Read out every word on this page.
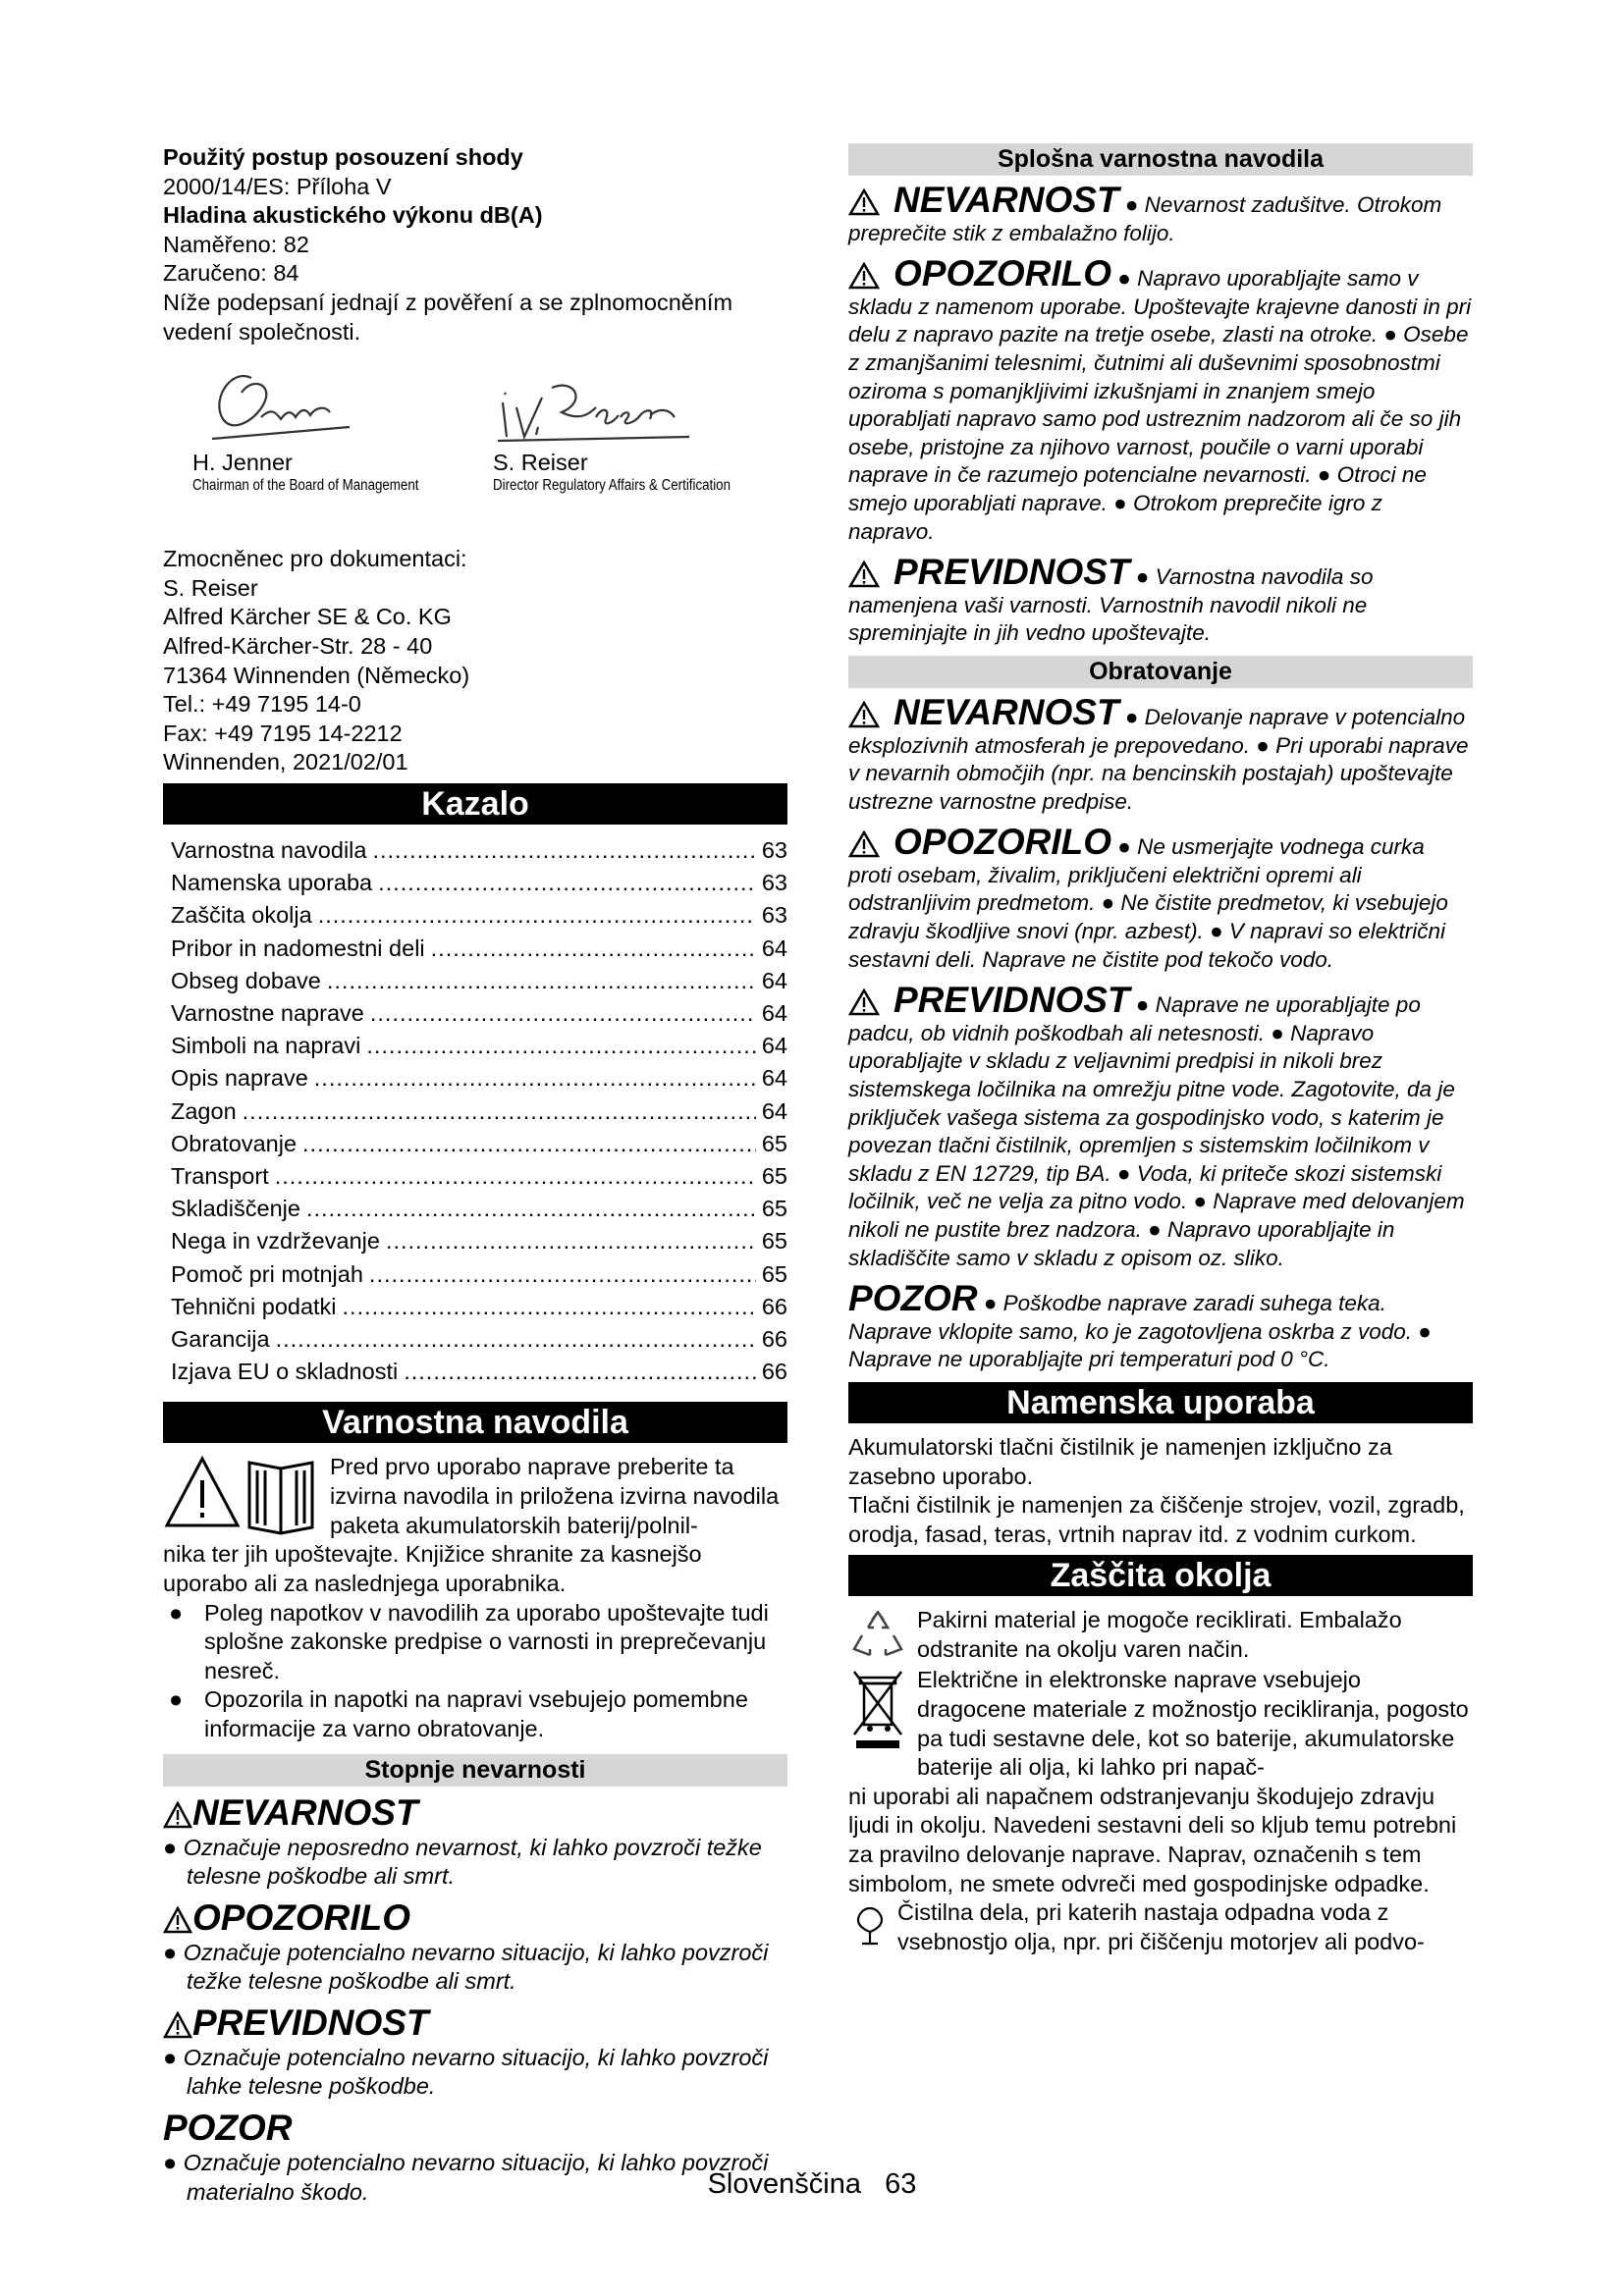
Použitý postup posouzení shody

2000/14/ES: Příloha V

Hladina akustického výkonu dB(A)

Naměřeno: 82

Zaručeno: 84

Níže podepsaní jednají z pověření a se zplnomocněním vedení společnosti.

H. Jenner
Chairman of the Board of Management
S. Reiser
Director Regulatory Affairs & Certification

Zmocněnec pro dokumentaci:

S. Reiser

Alfred Kärcher SE & Co. KG

Alfred-Kärcher-Str. 28 - 40

71364 Winnenden (Německo)

Tel.: +49 7195 14-0

Fax: +49 7195 14-2212

Winnenden, 2021/02/01

Kazalo
Varnostna navodila .....	63
Namenska uporaba .....	63
Zaščita okolja .....	63
Pribor in nadomestni deli .....	64
Obseg dobave .....	64
Varnostne naprave .....	64
Simboli na napravi .....	64
Opis naprave .....	64
Zagon .....	64
Obratovanje .....	65
Transport .....	65
Skladiščenje .....	65
Nega in vzdrževanje .....	65
Pomoč pri motnjah .....	65
Tehnični podatki .....	66
Garancija .....	66
Izjava EU o skladnosti .....	66
Varnostna navodila

Pred prvo uporabo naprave preberite ta izvirna navodila in priložena izvirna navodila paketa akumulatorskih baterij/polnil-

nika ter jih upoštevajte. Knjižice shranite za kasnejšo uporabo ali za naslednjega uporabnika.

● Poleg napotkov v navodilih za uporabo upoštevajte tudi splošne zakonske predpise o varnosti in preprečevanju nesreč.
● Opozorila in napotki na napravi vsebujejo pomembne informacije za varno obratovanje.
Stopnje nevarnosti
NEVARNOST
● Označuje neposredno nevarnost, ki lahko povzroči težke telesne poškodbe ali smrt.
OPOZORILO
● Označuje potencialno nevarno situacijo, ki lahko povzroči težke telesne poškodbe ali smrt.
PREVIDNOST
● Označuje potencialno nevarno situacijo, ki lahko povzroči lahke telesne poškodbe.
POZOR
● Označuje potencialno nevarno situacijo, ki lahko povzroči materialno škodo.
Splošna varnostna navodila
NEVARNOST ● Nevarnost zadušitve. Otrokom preprečite stik z embalažno folijo.
OPOZORILO ● Napravo uporabljajte samo v skladu z namenom uporabe. Upoštevajte krajevne danosti in pri delu z napravo pazite na tretje osebe, zlasti na otroke. ● Osebe z zmanjšanimi telesnimi, čutnimi ali duševnimi sposobnostmi oziroma s pomanjkljivimi izkušnjami in znanjem smejo uporabljati napravo samo pod ustreznim nadzorom ali če so jih osebe, pristojne za njihovo varnost, poučile o varni uporabi naprave in če razumejo potencialne nevarnosti. ● Otroci ne smejo uporabljati naprave. ● Otrokom preprečite igro z napravo.
PREVIDNOST ● Varnostna navodila so namenjena vaši varnosti. Varnostnih navodil nikoli ne spreminjajte in jih vedno upoštevajte.
Obratovanje
NEVARNOST ● Delovanje naprave v potencialno eksplozivnih atmosferah je prepovedano. ● Pri uporabi naprave v nevarnih območjih (npr. na bencinskih postajah) upoštevajte ustrezne varnostne predpise.
OPOZORILO ● Ne usmerjajte vodnega curka proti osebam, živalim, priključeni električni opremi ali odstranljivim predmetom. ● Ne čistite predmetov, ki vsebujejo zdravju škodljive snovi (npr. azbest). ● V napravi so električni sestavni deli. Naprave ne čistite pod tekočo vodo.
PREVIDNOST ● Naprave ne uporabljajte po padcu, ob vidnih poškodbah ali netesnosti. ● Napravo uporabljajte v skladu z veljavnimi predpisi in nikoli brez sistemskega ločilnika na omrežju pitne vode. Zagotovite, da je priključek vašega sistema za gospodinjsko vodo, s katerim je povezan tlačni čistilnik, opremljen s sistemskim ločilnikom v skladu z EN 12729, tip BA. ● Voda, ki priteče skozi sistemski ločilnik, več ne velja za pitno vodo. ● Naprave med delovanjem nikoli ne pustite brez nadzora. ● Napravo uporabljajte in skladiščite samo v skladu z opisom oz. sliko.
POZOR ● Poškodbe naprave zaradi suhega teka. Naprave vklopite samo, ko je zagotovljena oskrba z vodo. ● Naprave ne uporabljajte pri temperaturi pod 0 °C.
Namenska uporaba

Akumulatorski tlačni čistilnik je namenjen izključno za zasebno uporabo.

Tlačni čistilnik je namenjen za čiščenje strojev, vozil, zgradb, orodja, fasad, teras, vrtnih naprav itd. z vodnim curkom.

Zaščita okolja

Pakirni material je mogoče reciklirati. Embalažo odstranite na okolju varen način.

Električne in elektronske naprave vsebujejo dragocene materiale z možnostjo recikliranja, pogosto pa tudi sestavne dele, kot so baterije, akumulatorske baterije ali olja, ki lahko pri napač-

ni uporabi ali napačnem odstranjevanju škodujejo zdravju ljudi in okolju. Navedeni sestavni deli so kljub temu potrebni za pravilno delovanje naprave. Naprav, označenih s tem simbolom, ne smete odvreči med gospodinjske odpadke.

Čistilna dela, pri katerih nastaja odpadna voda z vsebnostjo olja, npr. pri čiščenju motorjev ali podvo-

Slovenščina 63
